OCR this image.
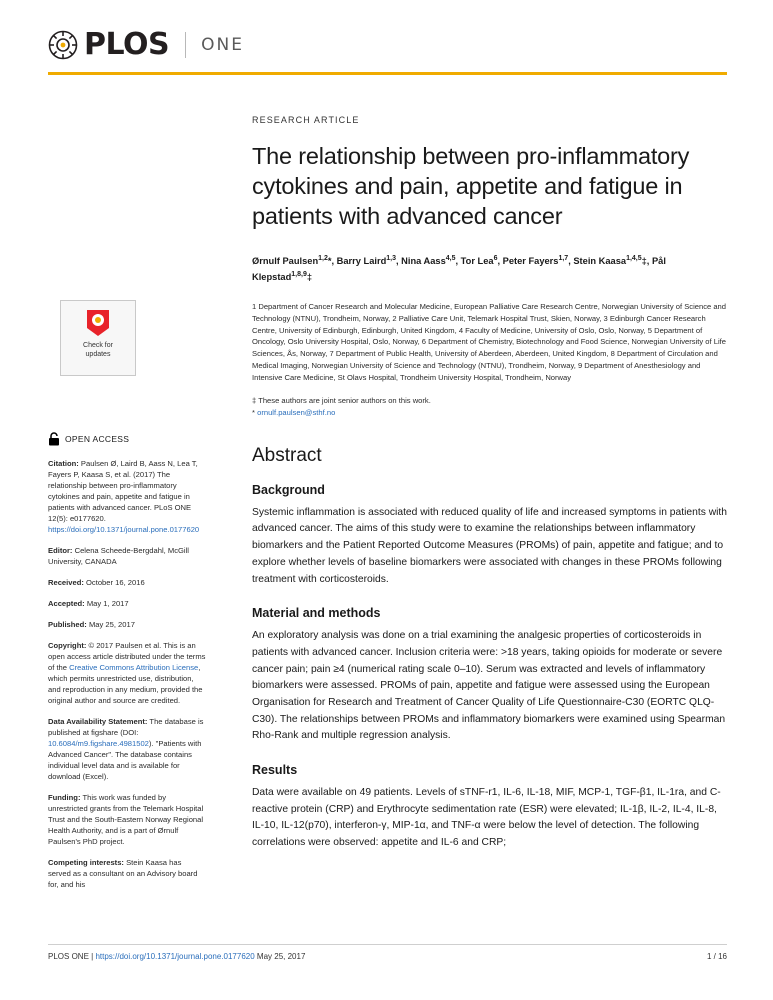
PLOS ONE
Check for
updates
OPEN ACCESS
Citation: Paulsen Ø, Laird B, Aass N, Lea T, Fayers P, Kaasa S, et al. (2017) The relationship between pro-inflammatory cytokines and pain, appetite and fatigue in patients with advanced cancer. PLoS ONE 12(5): e0177620. https://doi.org/10.1371/journal.pone.0177620
Editor: Celena Scheede-Bergdahl, McGill University, CANADA
Received: October 16, 2016
Accepted: May 1, 2017
Published: May 25, 2017
Copyright: © 2017 Paulsen et al. This is an open access article distributed under the terms of the Creative Commons Attribution License, which permits unrestricted use, distribution, and reproduction in any medium, provided the original author and source are credited.
Data Availability Statement: The database is published at figshare (DOI: 10.6084/m9.figshare.4981502). "Patients with Advanced Cancer". The database contains individual level data and is available for download (Excel).
Funding: This work was funded by unrestricted grants from the Telemark Hospital Trust and the South-Eastern Norway Regional Health Authority, and is a part of Ørnulf Paulsen's PhD project.
Competing interests: Stein Kaasa has served as a consultant on an Advisory board for, and his
RESEARCH ARTICLE
The relationship between pro-inflammatory cytokines and pain, appetite and fatigue in patients with advanced cancer
Ørnulf Paulsen$^{1,2}$*, Barry Laird$^{1,3}$, Nina Aass$^{4,5}$, Tor Lea$^6$, Peter Fayers$^{1,7}$, Stein Kaasa$^{1,4,5}$‡, Pål Klepstad$^{1,8,9}$‡
1 Department of Cancer Research and Molecular Medicine, European Palliative Care Research Centre, Norwegian University of Science and Technology (NTNU), Trondheim, Norway, 2 Palliative Care Unit, Telemark Hospital Trust, Skien, Norway, 3 Edinburgh Cancer Research Centre, University of Edinburgh, Edinburgh, United Kingdom, 4 Faculty of Medicine, University of Oslo, Oslo, Norway, 5 Department of Oncology, Oslo University Hospital, Oslo, Norway, 6 Department of Chemistry, Biotechnology and Food Science, Norwegian University of Life Sciences, Ås, Norway, 7 Department of Public Health, University of Aberdeen, Aberdeen, United Kingdom, 8 Department of Circulation and Medical Imaging, Norwegian University of Science and Technology (NTNU), Trondheim, Norway, 9 Department of Anesthesiology and Intensive Care Medicine, St Olavs Hospital, Trondheim University Hospital, Trondheim, Norway
‡ These authors are joint senior authors on this work.
* ornulf.paulsen@sthf.no
Abstract
Background

Systemic inflammation is associated with reduced quality of life and increased symptoms in patients with advanced cancer. The aims of this study were to examine the relationships between inflammatory biomarkers and the Patient Reported Outcome Measures (PROMs) of pain, appetite and fatigue; and to explore whether levels of baseline biomarkers were associated with changes in these PROMs following treatment with corticosteroids.

Material and methods

An exploratory analysis was done on a trial examining the analgesic properties of corticosteroids in patients with advanced cancer. Inclusion criteria were: >18 years, taking opioids for moderate or severe cancer pain; pain ≥4 (numerical rating scale 0–10). Serum was extracted and levels of inflammatory biomarkers were assessed. PROMs of pain, appetite and fatigue were assessed using the European Organisation for Research and Treatment of Cancer Quality of Life Questionnaire-C30 (EORTC QLQ-C30). The relationships between PROMs and inflammatory biomarkers were examined using Spearman Rho-Rank and multiple regression analysis.

Results

Data were available on 49 patients. Levels of sTNF-r1, IL-6, IL-18, MIF, MCP-1, TGF-β1, IL-1ra, and C-reactive protein (CRP) and Erythrocyte sedimentation rate (ESR) were elevated; IL-1β, IL-2, IL-4, IL-8, IL-10, IL-12(p70), interferon-γ, MIP-1α, and TNF-α were below the level of detection. The following correlations were observed: appetite and IL-6 and CRP;

PLOS ONE | https://doi.org/10.1371/journal.pone.0177620 May 25, 2017	1 / 16
